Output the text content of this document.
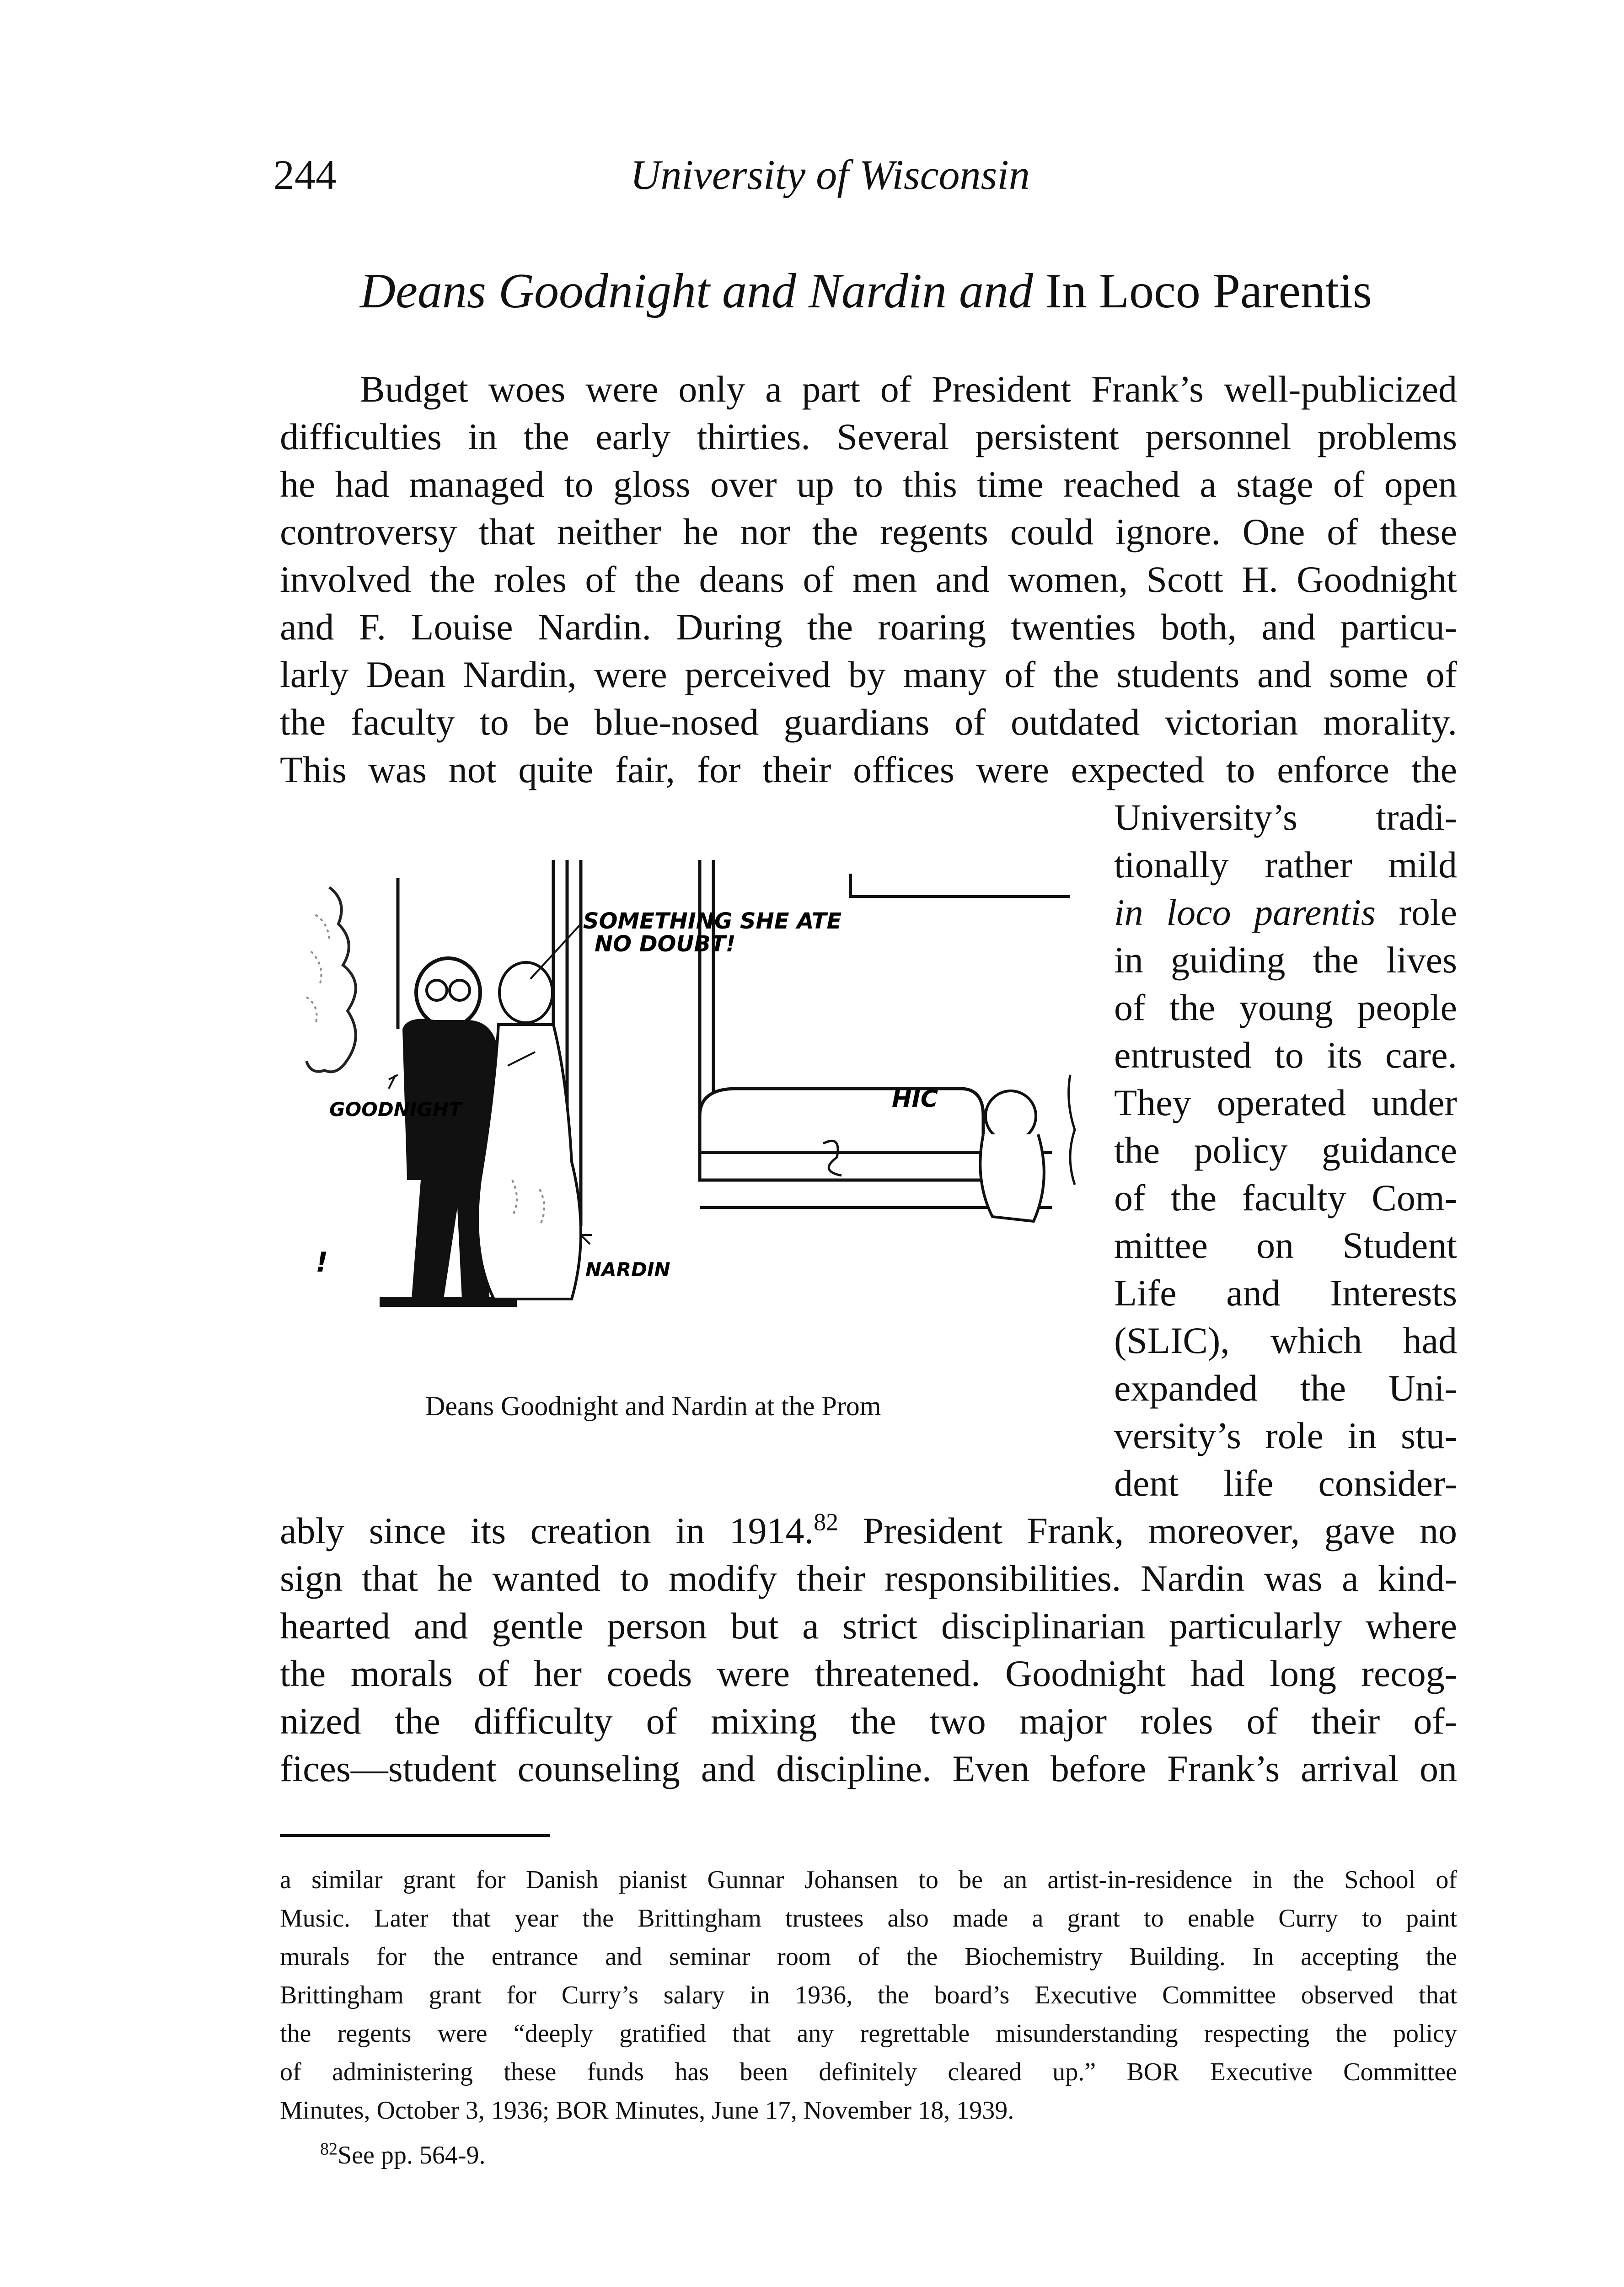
244	University of Wisconsin
Deans Goodnight and Nardin and In Loco Parentis
Budget woes were only a part of President Frank’s well-publicized
difficulties in the early thirties. Several persistent personnel problems
he had managed to gloss over up to this time reached a stage of open
controversy that neither he nor the regents could ignore. One of these
involved the roles of the deans of men and women, Scott H. Goodnight
and F. Louise Nardin. During the roaring twenties both, and particu-
larly Dean Nardin, were perceived by many of the students and some of
the faculty to be blue-nosed guardians of outdated victorian morality.
This was not quite fair, for their offices were expected to enforce the
University’s tradi-
tionally rather mild
in loco parentis role
in guiding the lives
of the young people
entrusted to its care.
They operated under
the policy guidance
of the faculty Com-
mittee on Student
Life and Interests
(SLIC), which had
expanded the Uni-
versity’s role in stu-
dent life consider-
SOMETHING SHE ATE
NO DOUBT!
GOODNIGHT
NARDIN
HIC
!
Deans Goodnight and Nardin at the Prom
ably since its creation in 1914.82 President Frank, moreover, gave no
sign that he wanted to modify their responsibilities. Nardin was a kind-
hearted and gentle person but a strict disciplinarian particularly where
the morals of her coeds were threatened. Goodnight had long recog-
nized the difficulty of mixing the two major roles of their of-
fices—student counseling and discipline. Even before Frank’s arrival on
a similar grant for Danish pianist Gunnar Johansen to be an artist-in-residence in the School of
Music. Later that year the Brittingham trustees also made a grant to enable Curry to paint
murals for the entrance and seminar room of the Biochemistry Building. In accepting the
Brittingham grant for Curry’s salary in 1936, the board’s Executive Committee observed that
the regents were “deeply gratified that any regrettable misunderstanding respecting the policy
of administering these funds has been definitely cleared up.” BOR Executive Committee
Minutes, October 3, 1936; BOR Minutes, June 17, November 18, 1939.
$^{82}$See pp. 564-9.
